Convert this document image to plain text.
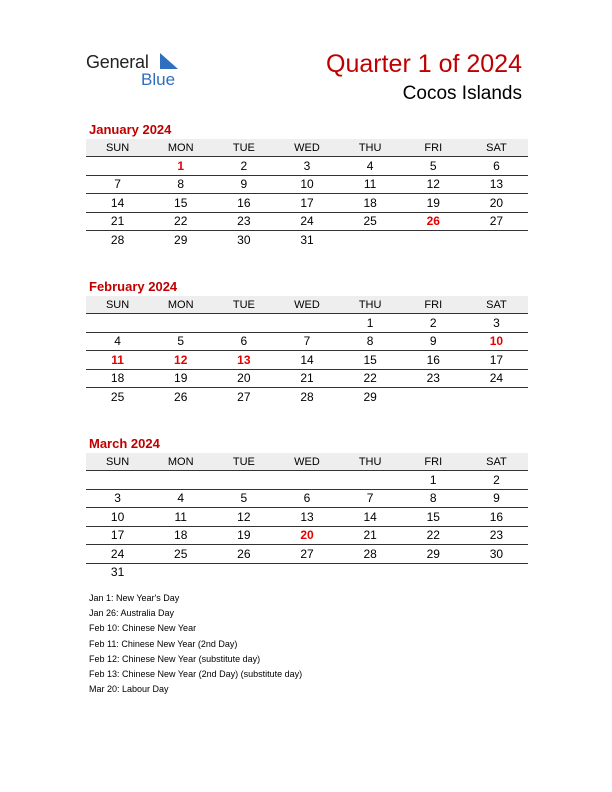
General
Blue
Quarter 1 of 2024
Cocos Islands
January 2024
SUN	MON	TUE	WED	THU	FRI	SAT
	1	2	3	4	5	6
7	8	9	10	11	12	13
14	15	16	17	18	19	20
21	22	23	24	25	26	27
28	29	30	31			
February 2024
SUN	MON	TUE	WED	THU	FRI	SAT
				1	2	3
4	5	6	7	8	9	10
11	12	13	14	15	16	17
18	19	20	21	22	23	24
25	26	27	28	29		
March 2024
SUN	MON	TUE	WED	THU	FRI	SAT
					1	2
3	4	5	6	7	8	9
10	11	12	13	14	15	16
17	18	19	20	21	22	23
24	25	26	27	28	29	30
31						
Jan 1: New Year's Day
Jan 26: Australia Day
Feb 10: Chinese New Year
Feb 11: Chinese New Year (2nd Day)
Feb 12: Chinese New Year (substitute day)
Feb 13: Chinese New Year (2nd Day) (substitute day)
Mar 20: Labour Day
